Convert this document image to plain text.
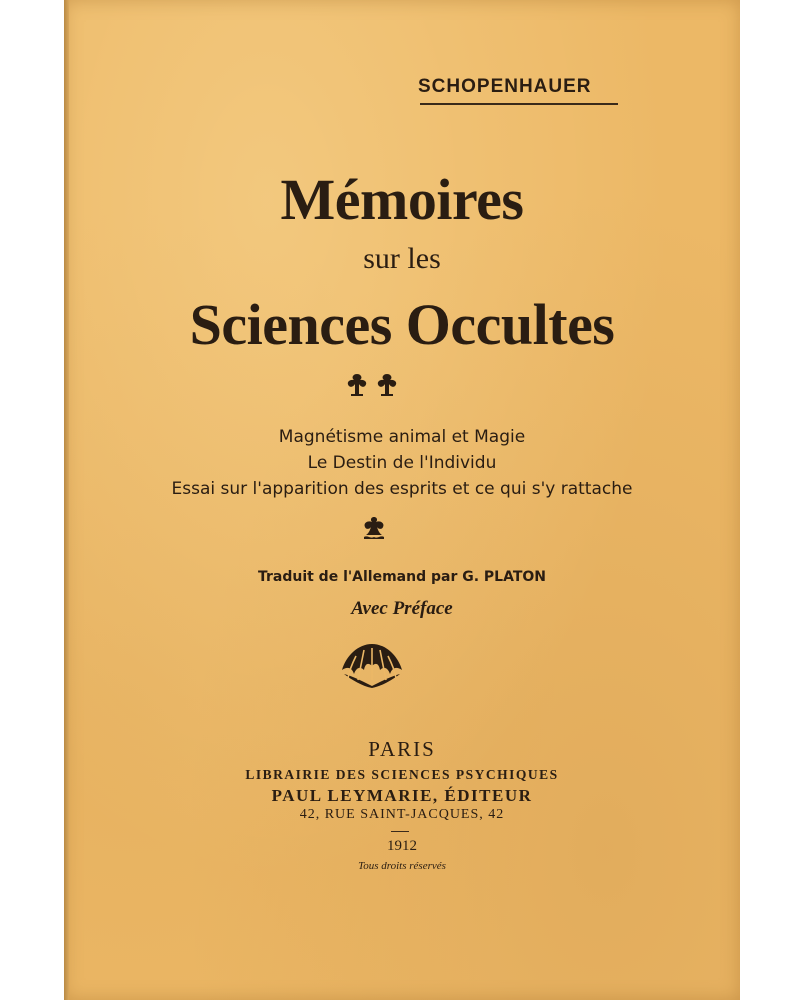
SCHOPENHAUER
Mémoires
sur les
Sciences Occultes
Magnétisme animal et Magie
Le Destin de l'Individu
Essai sur l'apparition des esprits et ce qui s'y rattache
Traduit de l'Allemand par G. PLATON
Avec Préface
PARIS
LIBRAIRIE DES SCIENCES PSYCHIQUES
PAUL LEYMARIE, ÉDITEUR
42, RUE SAINT-JACQUES, 42
1912
Tous droits réservés
